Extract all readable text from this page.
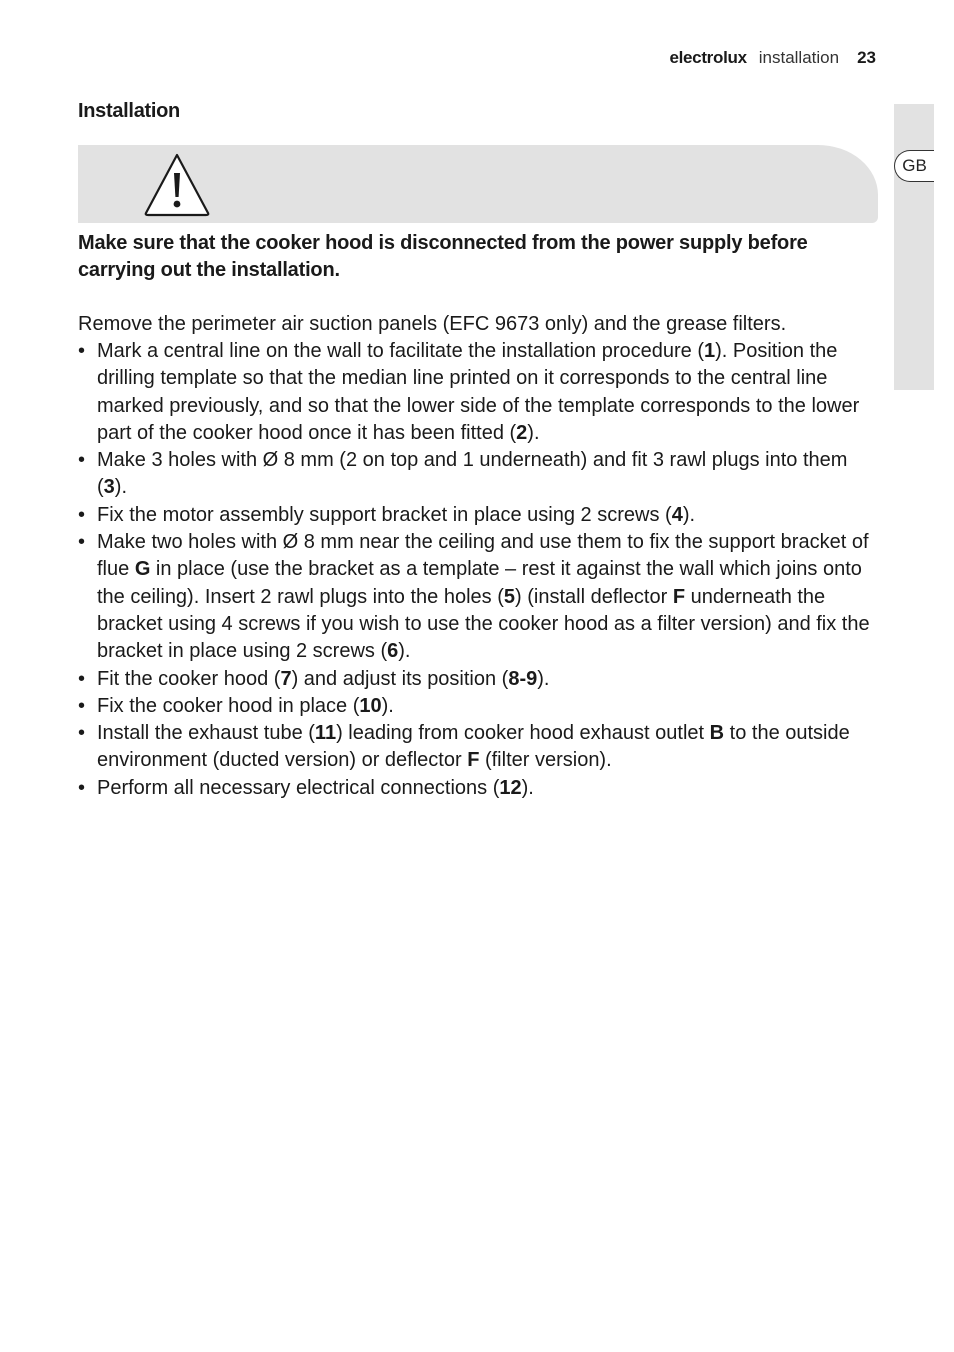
electrolux installation 23
GB
Installation

Make sure that the cooker hood is disconnected from the power supply before carrying out the installation.

Remove the perimeter air suction panels (EFC 9673 only) and the grease filters.

• Mark a central line on the wall to facilitate the installation procedure (1). Position the drilling template so that the median line printed on it corresponds to the central line marked previously, and so that the lower side of the template corresponds to the lower part of the cooker hood once it has been fitted (2).
• Make 3 holes with Ø 8 mm (2 on top and 1 underneath) and fit 3 rawl plugs into them (3).
• Fix the motor assembly support bracket in place using 2 screws (4).
• Make two holes with Ø 8 mm near the ceiling and use them to fix the support bracket of flue G in place (use the bracket as a template – rest it against the wall which joins onto the ceiling). Insert 2 rawl plugs into the holes (5) (install deflector F underneath the bracket using 4 screws if you wish to use the cooker hood as a filter version) and fix the bracket in place using 2 screws (6).
• Fit the cooker hood (7) and adjust its position (8-9).
• Fix the cooker hood in place (10).
• Install the exhaust tube (11) leading from cooker hood exhaust outlet B to the outside environment (ducted version) or deflector F (filter version).
• Perform all necessary electrical connections (12).
